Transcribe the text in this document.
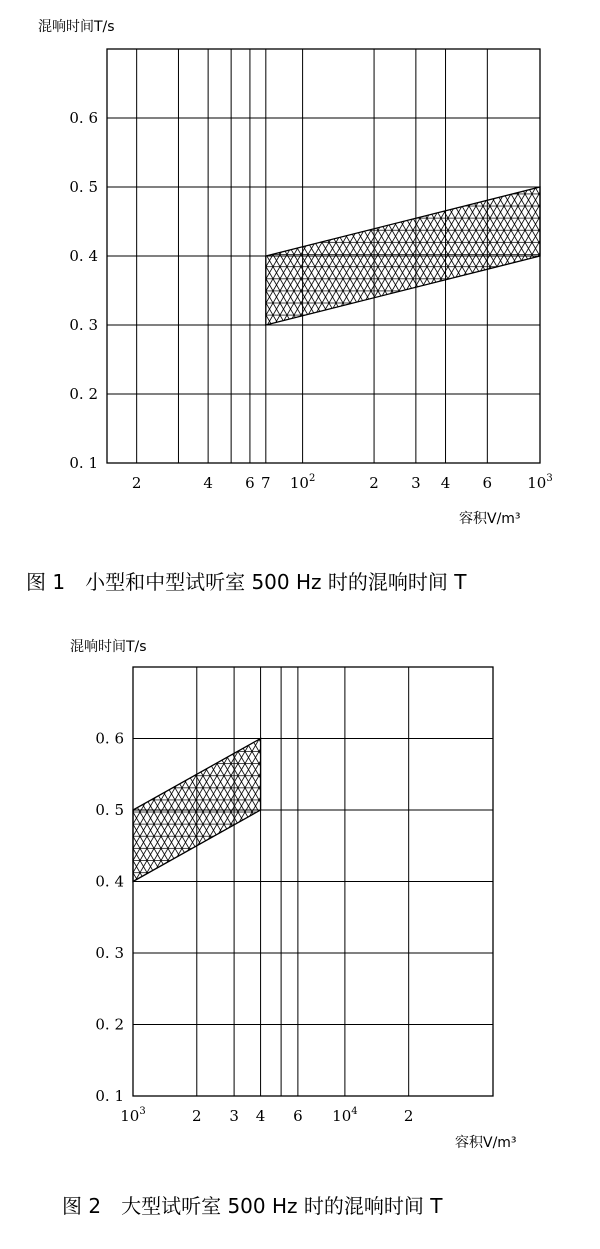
混响时间T/s
0. 1
0. 2
0. 3
0. 4
0. 5
0. 6
2	4 6 7 $10^2$	2 3 4 6 $10^3$
容积V/m³
图 1　小型和中型试听室 500 Hz 时的混响时间 T
混响时间T/s
0. 1
0. 2
0. 3
0. 4
0. 5
0. 6
$10^3$	2 3 4 6 $10^4$	2
容积V/m³
图 2　大型试听室 500 Hz 时的混响时间 T
